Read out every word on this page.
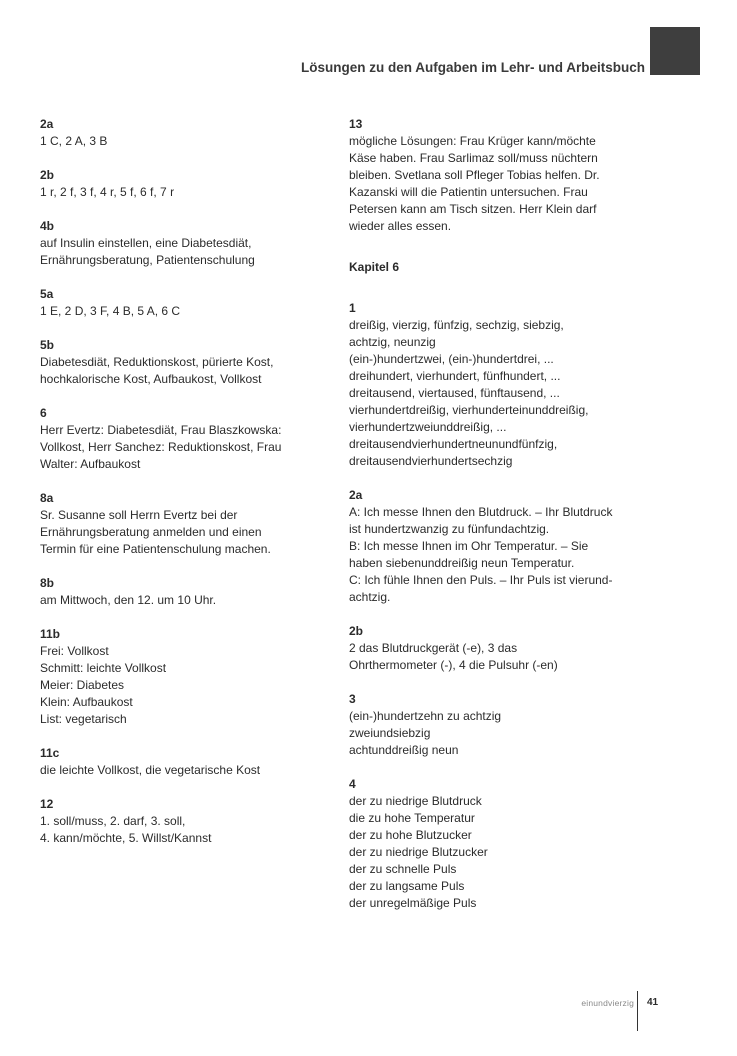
Lösungen zu den Aufgaben im Lehr- und Arbeitsbuch
2a
1 C, 2 A, 3 B
2b
1 r, 2 f, 3 f, 4 r, 5 f, 6 f, 7 r
4b
auf Insulin einstellen, eine Diabetesdiät,
Ernährungsberatung, Patientenschulung
5a
1 E, 2 D, 3 F, 4 B, 5 A, 6 C
5b
Diabetesdiät, Reduktionskost, pürierte Kost,
hochkalorische Kost, Aufbaukost, Vollkost
6
Herr Evertz: Diabetesdiät, Frau Blaszkowska:
Vollkost, Herr Sanchez: Reduktionskost, Frau
Walter: Aufbaukost
8a
Sr. Susanne soll Herrn Evertz bei der
Ernährungsberatung anmelden und einen
Termin für eine Patientenschulung machen.
8b
am Mittwoch, den 12. um 10 Uhr.
11b
Frei: Vollkost
Schmitt: leichte Vollkost
Meier: Diabetes
Klein: Aufbaukost
List: vegetarisch
11c
die leichte Vollkost, die vegetarische Kost
12
1. soll/muss, 2. darf, 3. soll,
4. kann/möchte, 5. Willst/Kannst
13
mögliche Lösungen: Frau Krüger kann/möchte
Käse haben. Frau Sarlimaz soll/muss nüchtern
bleiben. Svetlana soll Pfleger Tobias helfen. Dr.
Kazanski will die Patientin untersuchen. Frau
Petersen kann am Tisch sitzen. Herr Klein darf
wieder alles essen.
Kapitel 6
1
dreißig, vierzig, fünfzig, sechzig, siebzig,
achtzig, neunzig
(ein-)hundertzwei, (ein-)hundertdrei, ...
dreihundert, vierhundert, fünfhundert, ...
dreitausend, viertaused, fünftausend, ...
vierhundertdreißig, vierhunderteinunddreißig,
vierhundertzweiunddreißig, ...
dreitausendvierhundertneunundfünfzig,
dreitausendvierhundertsechzig
2a
A: Ich messe Ihnen den Blutdruck. – Ihr Blutdruck
ist hundertzwanzig zu fünfundachtzig.
B: Ich messe Ihnen im Ohr Temperatur. – Sie
haben siebenunddreißig neun Temperatur.
C: Ich fühle Ihnen den Puls. – Ihr Puls ist vierund-
achtzig.
2b
2 das Blutdruckgerät (-e), 3 das
Ohrthermometer (-), 4 die Pulsuhr (-en)
3
(ein-)hundertzehn zu achtzig
zweiundsiebzig
achtunddreißig neun
4
der zu niedrige Blutdruck
die zu hohe Temperatur
der zu hohe Blutzucker
der zu niedrige Blutzucker
der zu schnelle Puls
der zu langsame Puls
der unregelmäßige Puls
einundvierzig 41
